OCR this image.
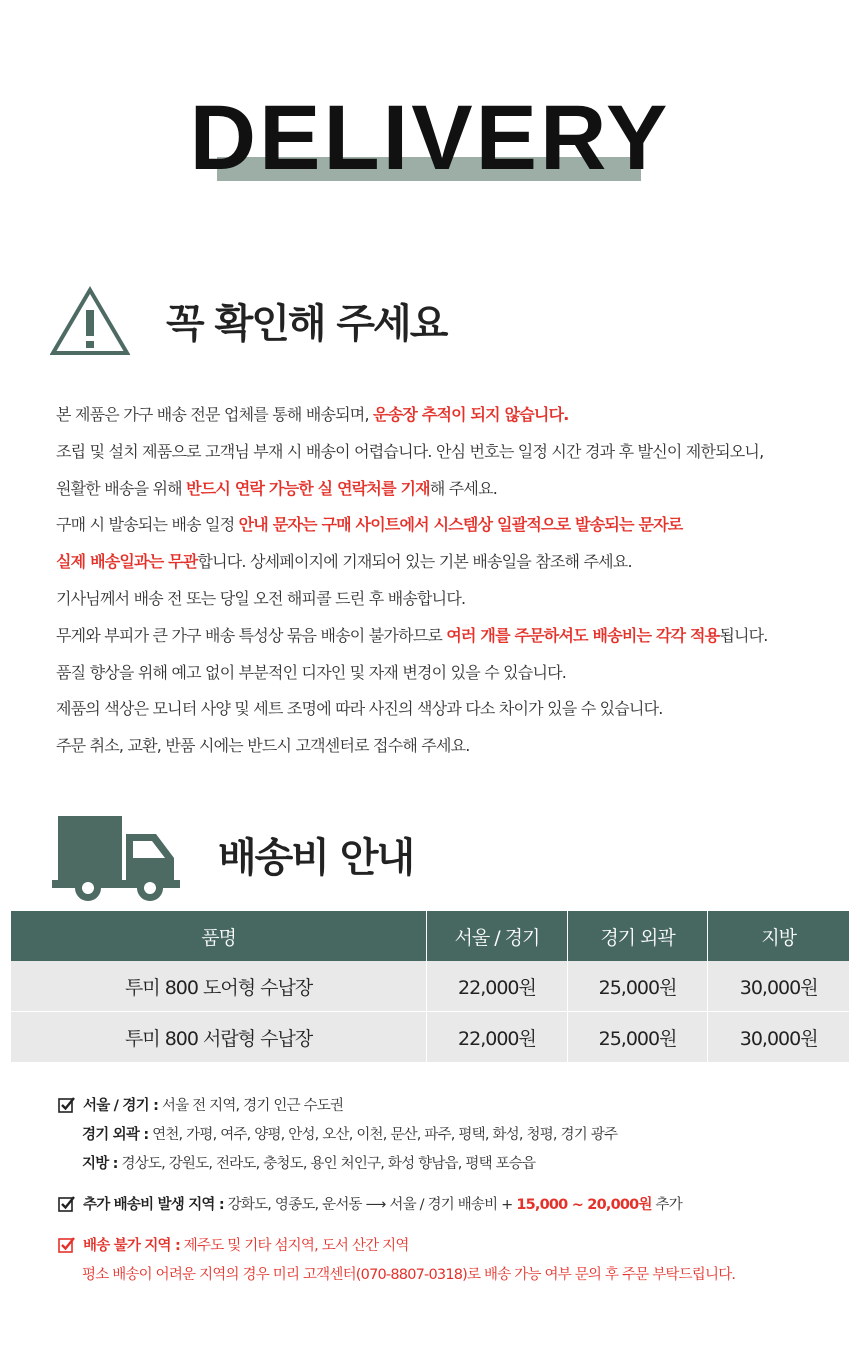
DELIVERY
꼭 확인해 주세요
본 제품은 가구 배송 전문 업체를 통해 배송되며, 운송장 추적이 되지 않습니다.
조립 및 설치 제품으로 고객님 부재 시 배송이 어렵습니다. 안심 번호는 일정 시간 경과 후 발신이 제한되오니,
원활한 배송을 위해 반드시 연락 가능한 실 연락처를 기재해 주세요.
구매 시 발송되는 배송 일정 안내 문자는 구매 사이트에서 시스템상 일괄적으로 발송되는 문자로
실제 배송일과는 무관합니다. 상세페이지에 기재되어 있는 기본 배송일을 참조해 주세요.
기사님께서 배송 전 또는 당일 오전 해피콜 드린 후 배송합니다.
무게와 부피가 큰 가구 배송 특성상 묶음 배송이 불가하므로 여러 개를 주문하셔도 배송비는 각각 적용됩니다.
품질 향상을 위해 예고 없이 부분적인 디자인 및 자재 변경이 있을 수 있습니다.
제품의 색상은 모니터 사양 및 세트 조명에 따라 사진의 색상과 다소 차이가 있을 수 있습니다.
주문 취소, 교환, 반품 시에는 반드시 고객센터로 접수해 주세요.
배송비 안내
품명	서울 / 경기	경기 외곽	지방
투미 800 도어형 수납장	22,000원	25,000원	30,000원
투미 800 서랍형 수납장	22,000원	25,000원	30,000원
서울 / 경기 : 서울 전 지역, 경기 인근 수도권
경기 외곽 : 연천, 가평, 여주, 양평, 안성, 오산, 이천, 문산, 파주, 평택, 화성, 청평, 경기 광주
지방 : 경상도, 강원도, 전라도, 충청도, 용인 처인구, 화성 향남읍, 평택 포승읍
추가 배송비 발생 지역 : 강화도, 영종도, 운서동 ⟶ 서울 / 경기 배송비 + 15,000 ~ 20,000원 추가
배송 불가 지역 : 제주도 및 기타 섬지역, 도서 산간 지역
평소 배송이 어려운 지역의 경우 미리 고객센터(070-8807-0318)로 배송 가능 여부 문의 후 주문 부탁드립니다.
